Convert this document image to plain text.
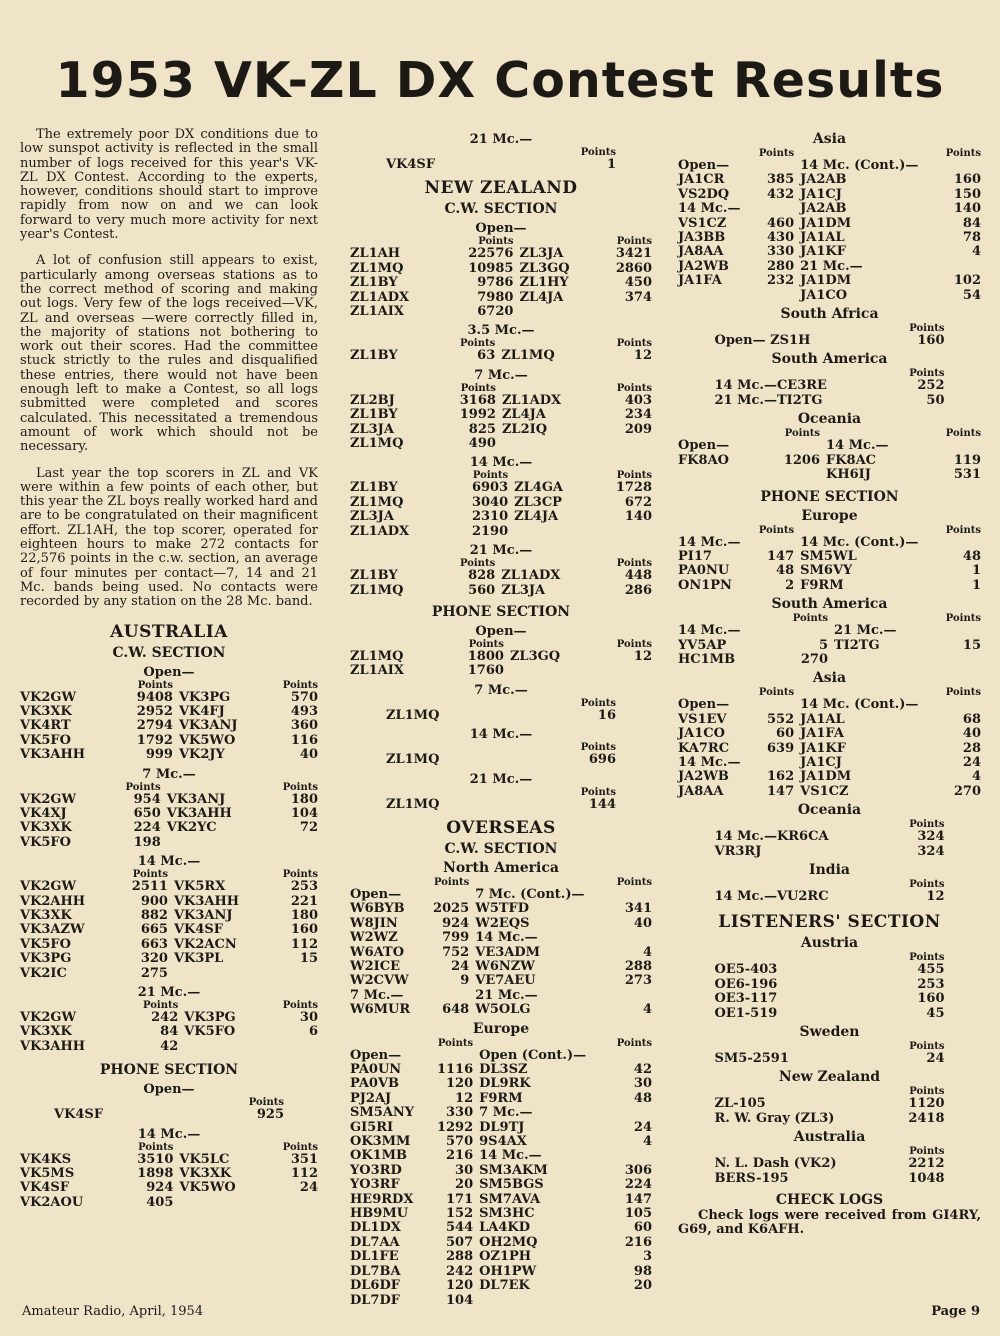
1953 VK-ZL DX Contest Results

The extremely poor DX conditions due to low sunspot activity is reflected in the small number of logs received for this year's VK-ZL DX Contest. According to the experts, however, conditions should start to improve rapidly from now on and we can look forward to very much more activity for next year's Contest.

A lot of confusion still appears to exist, particularly among overseas stations as to the correct method of scoring and making out logs. Very few of the logs received—VK, ZL and overseas —were correctly filled in, the majority of stations not bothering to work out their scores. Had the committee stuck strictly to the rules and disqualified these entries, there would not have been enough left to make a Contest, so all logs submitted were completed and scores calculated. This necessitated a tremendous amount of work which should not be necessary.

Last year the top scorers in ZL and VK were within a few points of each other, but this year the ZL boys really worked hard and are to be congratulated on their magnificent effort. ZL1AH, the top scorer, operated for eighteen hours to make 272 contacts for 22,576 points in the c.w. section, an average of four minutes per contact—7, 14 and 21 Mc. bands being used. No contacts were recorded by any station on the 28 Mc. band.

AUSTRALIA
C.W. SECTION
Open—
	Points		Points
VK2GW	9408	VK3PG	570
VK3XK	2952	VK4FJ	493
VK4RT	2794	VK3ANJ	360
VK5FO	1792	VK5WO	116
VK3AHH	999	VK2JY	40
7 Mc.—
	Points		Points
VK2GW	954	VK3ANJ	180
VK4XJ	650	VK3AHH	104
VK3XK	224	VK2YC	72
VK5FO	198		
14 Mc.—
	Points		Points
VK2GW	2511	VK5RX	253
VK2AHH	900	VK3AHH	221
VK3XK	882	VK3ANJ	180
VK3AZW	665	VK4SF	160
VK5FO	663	VK2ACN	112
VK3PG	320	VK3PL	15
VK2IC	275		
21 Mc.—
	Points		Points
VK2GW	242	VK3PG	30
VK3XK	84	VK5FO	6
VK3AHH	42		
PHONE SECTION
Open—
	Points
VK4SF	925
14 Mc.—
	Points		Points
VK4KS	3510	VK5LC	351
VK5MS	1898	VK3XK	112
VK4SF	924	VK5WO	24
VK2AOU	405		
21 Mc.—
	Points
VK4SF	1
NEW ZEALAND
C.W. SECTION
Open—
	Points		Points
ZL1AH	22576	ZL3JA	3421
ZL1MQ	10985	ZL3GQ	2860
ZL1BY	9786	ZL1HY	450
ZL1ADX	7980	ZL4JA	374
ZL1AIX	6720		
3.5 Mc.—
	Points		Points
ZL1BY	63	ZL1MQ	12
7 Mc.—
	Points		Points
ZL2BJ	3168	ZL1ADX	403
ZL1BY	1992	ZL4JA	234
ZL3JA	825	ZL2IQ	209
ZL1MQ	490		
14 Mc.—
	Points		Points
ZL1BY	6903	ZL4GA	1728
ZL1MQ	3040	ZL3CP	672
ZL3JA	2310	ZL4JA	140
ZL1ADX	2190		
21 Mc.—
	Points		Points
ZL1BY	828	ZL1ADX	448
ZL1MQ	560	ZL3JA	286
PHONE SECTION
Open—
	Points		Points
ZL1MQ	1800	ZL3GQ	12
ZL1AIX	1760		
7 Mc.—
	Points
ZL1MQ	16
14 Mc.—
	Points
ZL1MQ	696
21 Mc.—
	Points
ZL1MQ	144
OVERSEAS
C.W. SECTION
North America
	Points		Points
Open—		7 Mc. (Cont.)—	
W6BYB	2025	W5TFD	341
W8JIN	924	W2EQS	40
W2WZ	799	14 Mc.—	
W6ATO	752	VE3ADM	4
W2ICE	24	W6NZW	288
W2CVW	9	VE7AEU	273
7 Mc.—		21 Mc.—	
W6MUR	648	W5OLG	4
Europe
	Points		Points
Open—		Open (Cont.)—	
PA0UN	1116	DL3SZ	42
PA0VB	120	DL9RK	30
PJ2AJ	12	F9RM	48
SM5ANY	330	7 Mc.—	
GI5RI	1292	DL9TJ	24
OK3MM	570	9S4AX	4
OK1MB	216	14 Mc.—	
YO3RD	30	SM3AKM	306
YO3RF	20	SM5BGS	224
HE9RDX	171	SM7AVA	147
HB9MU	152	SM3HC	105
DL1DX	544	LA4KD	60
DL7AA	507	OH2MQ	216
DL1FE	288	OZ1PH	3
DL7BA	242	OH1PW	98
DL6DF	120	DL7EK	20
DL7DF	104		
Asia
	Points		Points
Open—		14 Mc. (Cont.)—	
JA1CR	385	JA2AB	160
VS2DQ	432	JA1CJ	150
14 Mc.—		JA2AB	140
VS1CZ	460	JA1DM	84
JA3BB	430	JA1AL	78
JA8AA	330	JA1KF	4
JA2WB	280	21 Mc.—	
JA1FA	232	JA1DM	102
		JA1CO	54
South Africa
	Points
Open— ZS1H	160
South America
	Points
14 Mc.—CE3RE	252
21 Mc.—TI2TG	50
Oceania
	Points		Points
Open—		14 Mc.—	
FK8AO	1206	FK8AC	119
		KH6IJ	531
PHONE SECTION
Europe
	Points		Points
14 Mc.—		14 Mc. (Cont.)—	
PI17	147	SM5WL	48
PA0NU	48	SM6VY	1
ON1PN	2	F9RM	1
South America
	Points		Points
14 Mc.—		21 Mc.—	
YV5AP	5	TI2TG	15
HC1MB	270		
Asia
	Points		Points
Open—		14 Mc. (Cont.)—	
VS1EV	552	JA1AL	68
JA1CO	60	JA1FA	40
KA7RC	639	JA1KF	28
14 Mc.—		JA1CJ	24
JA2WB	162	JA1DM	4
JA8AA	147	VS1CZ	270
Oceania
	Points
14 Mc.—KR6CA	324
VR3RJ	324
India
	Points
14 Mc.—VU2RC	12
LISTENERS' SECTION
Austria
	Points
OE5-403	455
OE6-196	253
OE3-117	160
OE1-519	45
Sweden
	Points
SM5-2591	24
New Zealand
	Points
ZL-105	1120
R. W. Gray (ZL3)	2418
Australia
	Points
N. L. Dash (VK2)	2212
BERS-195	1048
CHECK LOGS

Check logs were received from GI4RY, G69, and K6AFH.

Amateur Radio, April, 1954	Page 9
